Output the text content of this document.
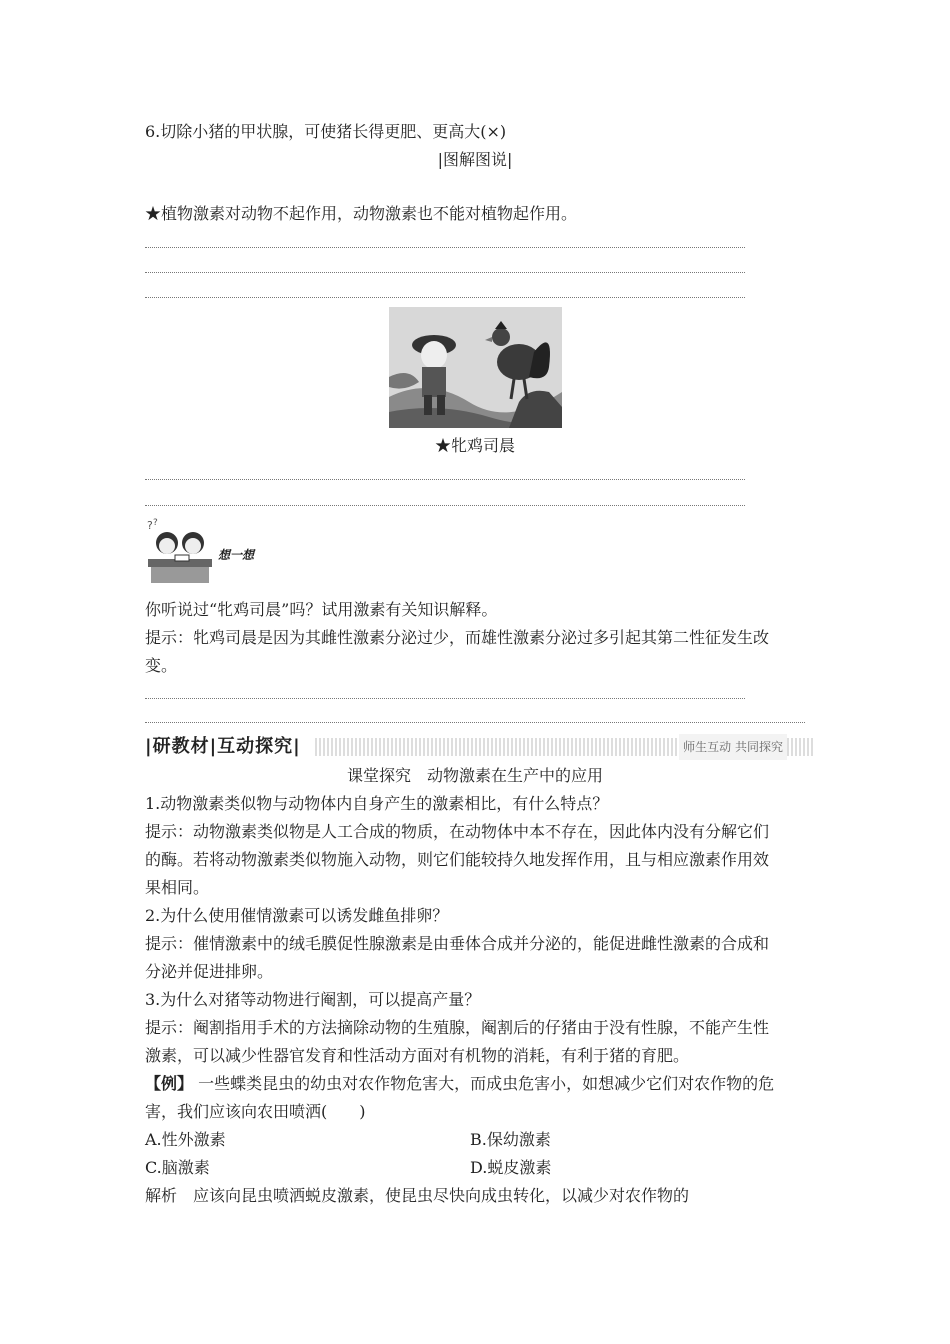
6.切除小猪的甲状腺，可使猪长得更肥、更高大(×)
|图解图说|
★植物激素对动物不起作用，动物激素也不能对植物起作用。
★牝鸡司晨
? ?
想一想
你听说过“牝鸡司晨”吗？试用激素有关知识解释。
提示：牝鸡司晨是因为其雌性激素分泌过少，而雄性激素分泌过多引起其第二性征发生改
变。
|研教材|互动探究|	师生互动 共同探究
课堂探究　动物激素在生产中的应用
1.动物激素类似物与动物体内自身产生的激素相比，有什么特点？
提示：动物激素类似物是人工合成的物质，在动物体中本不存在，因此体内没有分解它们
的酶。若将动物激素类似物施入动物，则它们能较持久地发挥作用，且与相应激素作用效
果相同。
2.为什么使用催情激素可以诱发雌鱼排卵？
提示：催情激素中的绒毛膜促性腺激素是由垂体合成并分泌的，能促进雌性激素的合成和
分泌并促进排卵。
3.为什么对猪等动物进行阉割，可以提高产量？
提示：阉割指用手术的方法摘除动物的生殖腺，阉割后的仔猪由于没有性腺，不能产生性
激素，可以减少性器官发育和性活动方面对有机物的消耗，有利于猪的育肥。
【例】 一些蝶类昆虫的幼虫对农作物危害大，而成虫危害小，如想减少它们对农作物的危
害，我们应该向农田喷洒(　　)
A.性外激素	B.保幼激素
C.脑激素	D.蜕皮激素
解析　应该向昆虫喷洒蜕皮激素，使昆虫尽快向成虫转化，以减少对农作物的
